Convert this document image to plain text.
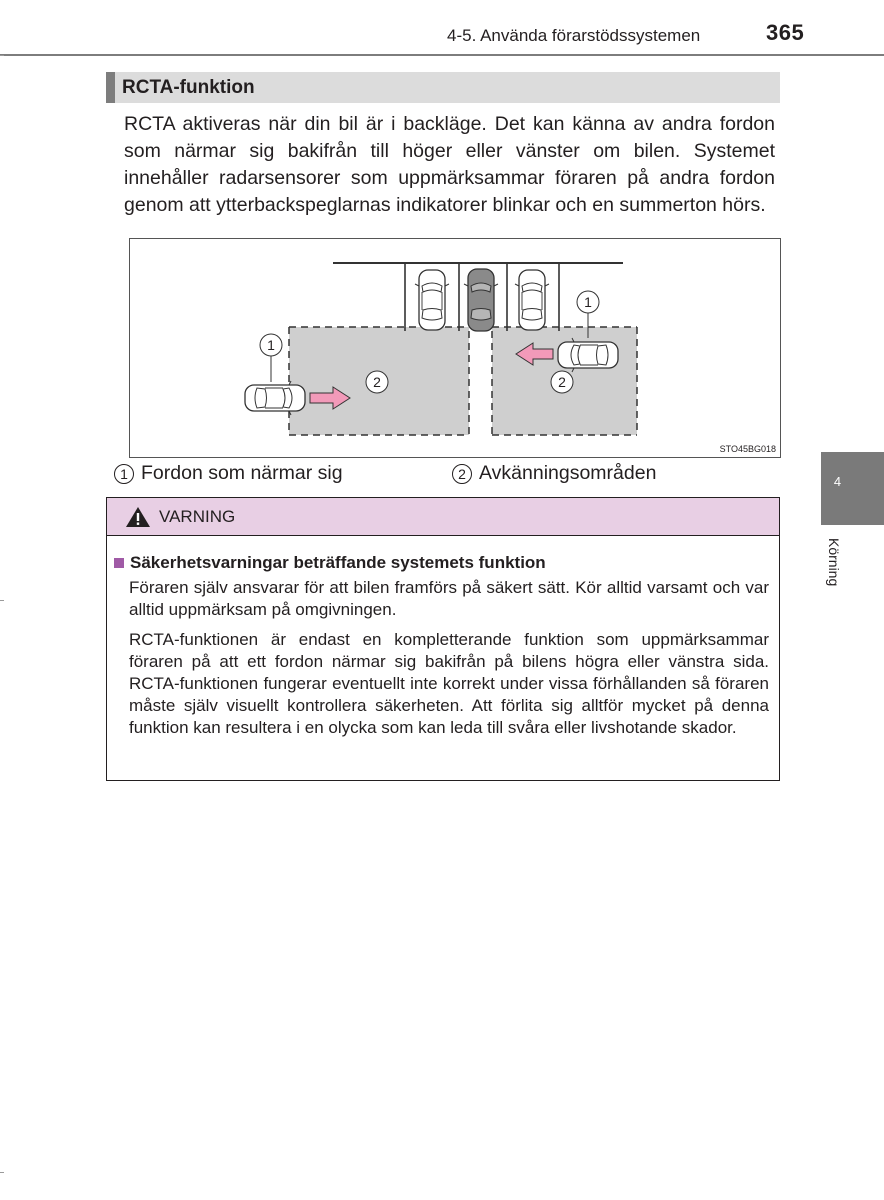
4-5. Använda förarstödssystemen	365
RCTA-funktion
RCTA aktiveras när din bil är i backläge. Det kan känna av andra fordon som närmar sig bakifrån till höger eller vänster om bilen. Systemet innehåller radarsensorer som uppmärksammar föraren på andra fordon genom att ytterbackspeglarnas indikatorer blinkar och en summerton hörs.
1
1
2	2
STO45BG018
1 Fordon som närmar sig	2 Avkänningsområden
VARNING
Säkerhetsvarningar beträffande systemets funktion
Föraren själv ansvarar för att bilen framförs på säkert sätt. Kör alltid varsamt och var alltid uppmärksam på omgivningen.
RCTA-funktionen är endast en kompletterande funktion som uppmärksammar föraren på att ett fordon närmar sig bakifrån på bilens högra eller vänstra sida. RCTA-funktionen fungerar eventuellt inte korrekt under vissa förhållanden så föraren måste själv visuellt kontrollera säkerheten. Att förlita sig alltför mycket på denna funktion kan resultera i en olycka som kan leda till svåra eller livshotande skador.
4
Körning
